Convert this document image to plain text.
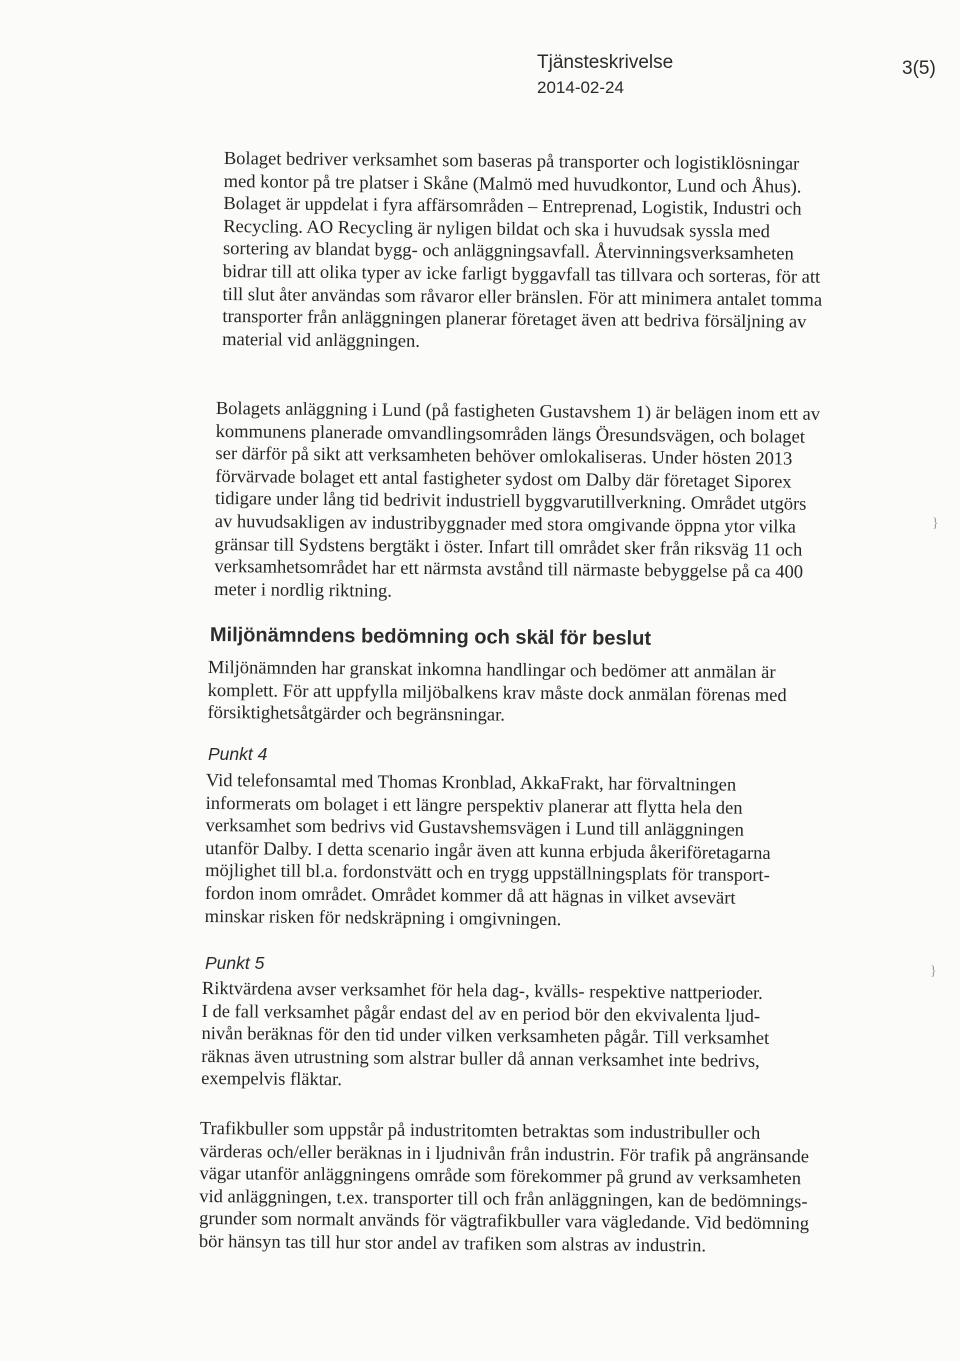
Tjänsteskrivelse
2014-02-24
3(5)
Bolaget bedriver verksamhet som baseras på transporter och logistiklösningar
med kontor på tre platser i Skåne (Malmö med huvudkontor, Lund och Åhus).
Bolaget är uppdelat i fyra affärsområden – Entreprenad, Logistik, Industri och
Recycling. AO Recycling är nyligen bildat och ska i huvudsak syssla med
sortering av blandat bygg- och anläggningsavfall. Återvinningsverksamheten
bidrar till att olika typer av icke farligt byggavfall tas tillvara och sorteras, för att
till slut åter användas som råvaror eller bränslen. För att minimera antalet tomma
transporter från anläggningen planerar företaget även att bedriva försäljning av
material vid anläggningen.
Bolagets anläggning i Lund (på fastigheten Gustavshem 1) är belägen inom ett av
kommunens planerade omvandlingsområden längs Öresundsvägen, och bolaget
ser därför på sikt att verksamheten behöver omlokaliseras. Under hösten 2013
förvärvade bolaget ett antal fastigheter sydost om Dalby där företaget Siporex
tidigare under lång tid bedrivit industriell byggvarutillverkning. Området utgörs
av huvudsakligen av industribyggnader med stora omgivande öppna ytor vilka
gränsar till Sydstens bergtäkt i öster. Infart till området sker från riksväg 11 och
verksamhetsområdet har ett närmsta avstånd till närmaste bebyggelse på ca 400
meter i nordlig riktning.
Miljönämndens bedömning och skäl för beslut
Miljönämnden har granskat inkomna handlingar och bedömer att anmälan är
komplett. För att uppfylla miljöbalkens krav måste dock anmälan förenas med
försiktighetsåtgärder och begränsningar.
Punkt 4
Vid telefonsamtal med Thomas Kronblad, AkkaFrakt, har förvaltningen
informerats om bolaget i ett längre perspektiv planerar att flytta hela den
verksamhet som bedrivs vid Gustavshemsvägen i Lund till anläggningen
utanför Dalby. I detta scenario ingår även att kunna erbjuda åkeriföretagarna
möjlighet till bl.a. fordonstvätt och en trygg uppställningsplats för transport-
fordon inom området. Området kommer då att hägnas in vilket avsevärt
minskar risken för nedskräpning i omgivningen.
Punkt 5
Riktvärdena avser verksamhet för hela dag-, kvälls- respektive nattperioder.
I de fall verksamhet pågår endast del av en period bör den ekvivalenta ljud-
nivån beräknas för den tid under vilken verksamheten pågår. Till verksamhet
räknas även utrustning som alstrar buller då annan verksamhet inte bedrivs,
exempelvis fläktar.
Trafikbuller som uppstår på industritomten betraktas som industribuller och
värderas och/eller beräknas in i ljudnivån från industrin. För trafik på angränsande
vägar utanför anläggningens område som förekommer på grund av verksamheten
vid anläggningen, t.ex. transporter till och från anläggningen, kan de bedömnings-
grunder som normalt används för vägtrafikbuller vara vägledande. Vid bedömning
bör hänsyn tas till hur stor andel av trafiken som alstras av industrin.
}
}
